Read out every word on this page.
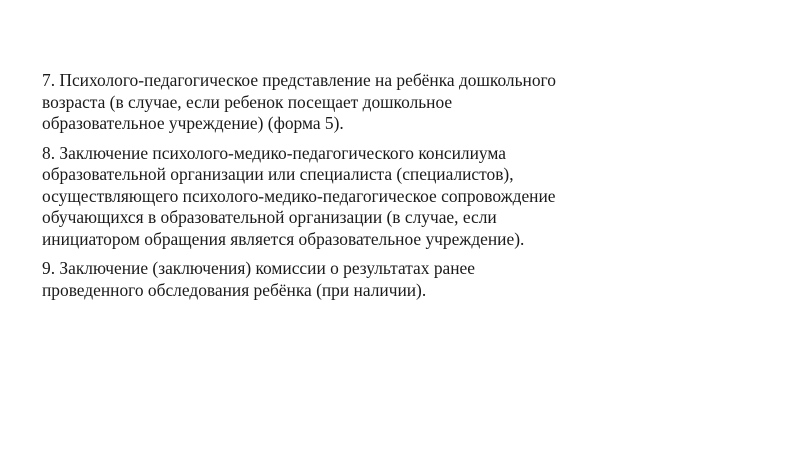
7. Психолого-педагогическое представление на ребёнка дошкольного
возраста (в случае, если ребенок посещает дошкольное
образовательное учреждение) (форма 5).

8. Заключение психолого-медико-педагогического консилиума
образовательной организации или специалиста (специалистов),
осуществляющего психолого-медико-педагогическое сопровождение
обучающихся в образовательной организации (в случае, если
инициатором обращения является образовательное учреждение).

9. Заключение (заключения) комиссии о результатах ранее
проведенного обследования ребёнка (при наличии).
